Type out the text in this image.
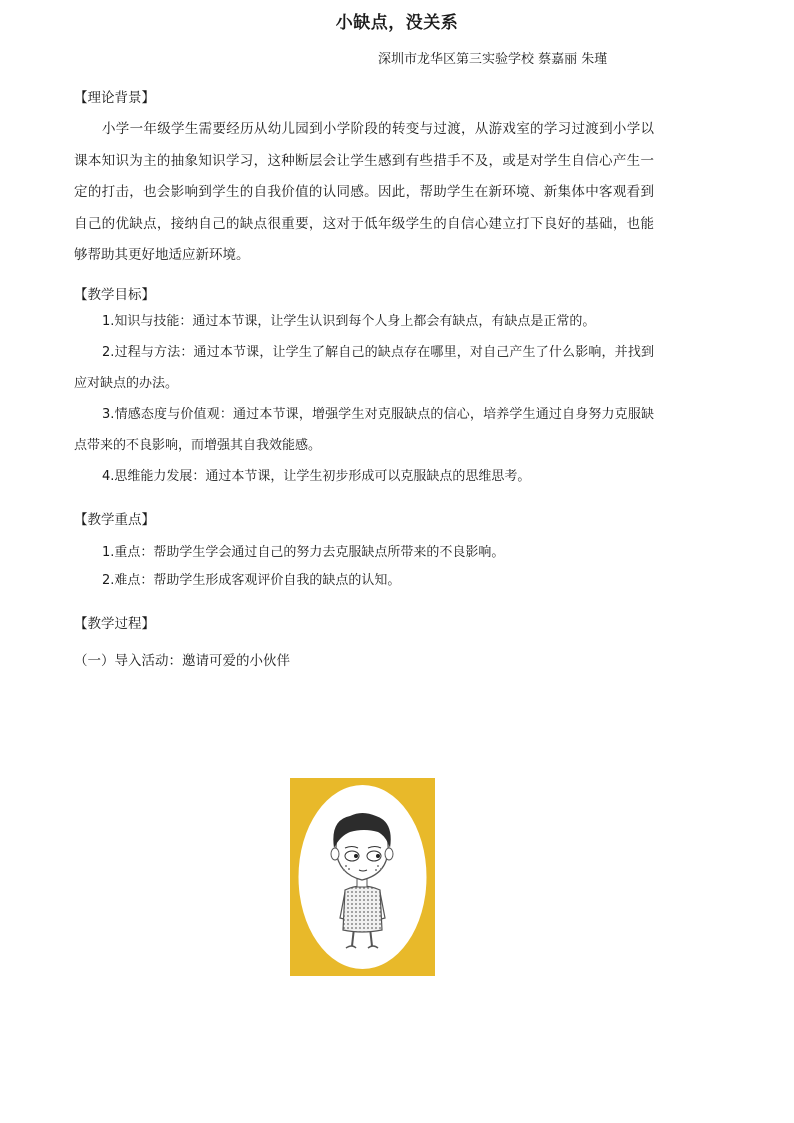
小缺点，没关系
深圳市龙华区第三实验学校 蔡嘉丽 朱瑾
【理论背景】
小学一年级学生需要经历从幼儿园到小学阶段的转变与过渡，从游戏室的学习过渡到小学以课本知识为主的抽象知识学习，这种断层会让学生感到有些措手不及，或是对学生自信心产生一定的打击，也会影响到学生的自我价值的认同感。因此，帮助学生在新环境、新集体中客观看到自己的优缺点，接纳自己的缺点很重要，这对于低年级学生的自信心建立打下良好的基础，也能够帮助其更好地适应新环境。
【教学目标】
1.知识与技能：通过本节课，让学生认识到每个人身上都会有缺点，有缺点是正常的。
2.过程与方法：通过本节课，让学生了解自己的缺点存在哪里，对自己产生了什么影响，并找到应对缺点的办法。
3.情感态度与价值观：通过本节课，增强学生对克服缺点的信心，培养学生通过自身努力克服缺点带来的不良影响，而增强其自我效能感。
4.思维能力发展：通过本节课，让学生初步形成可以克服缺点的思维思考。
【教学重点】
1.重点：帮助学生学会通过自己的努力去克服缺点所带来的不良影响。
2.难点：帮助学生形成客观评价自我的缺点的认知。
【教学过程】
（一）导入活动：邀请可爱的小伙伴
